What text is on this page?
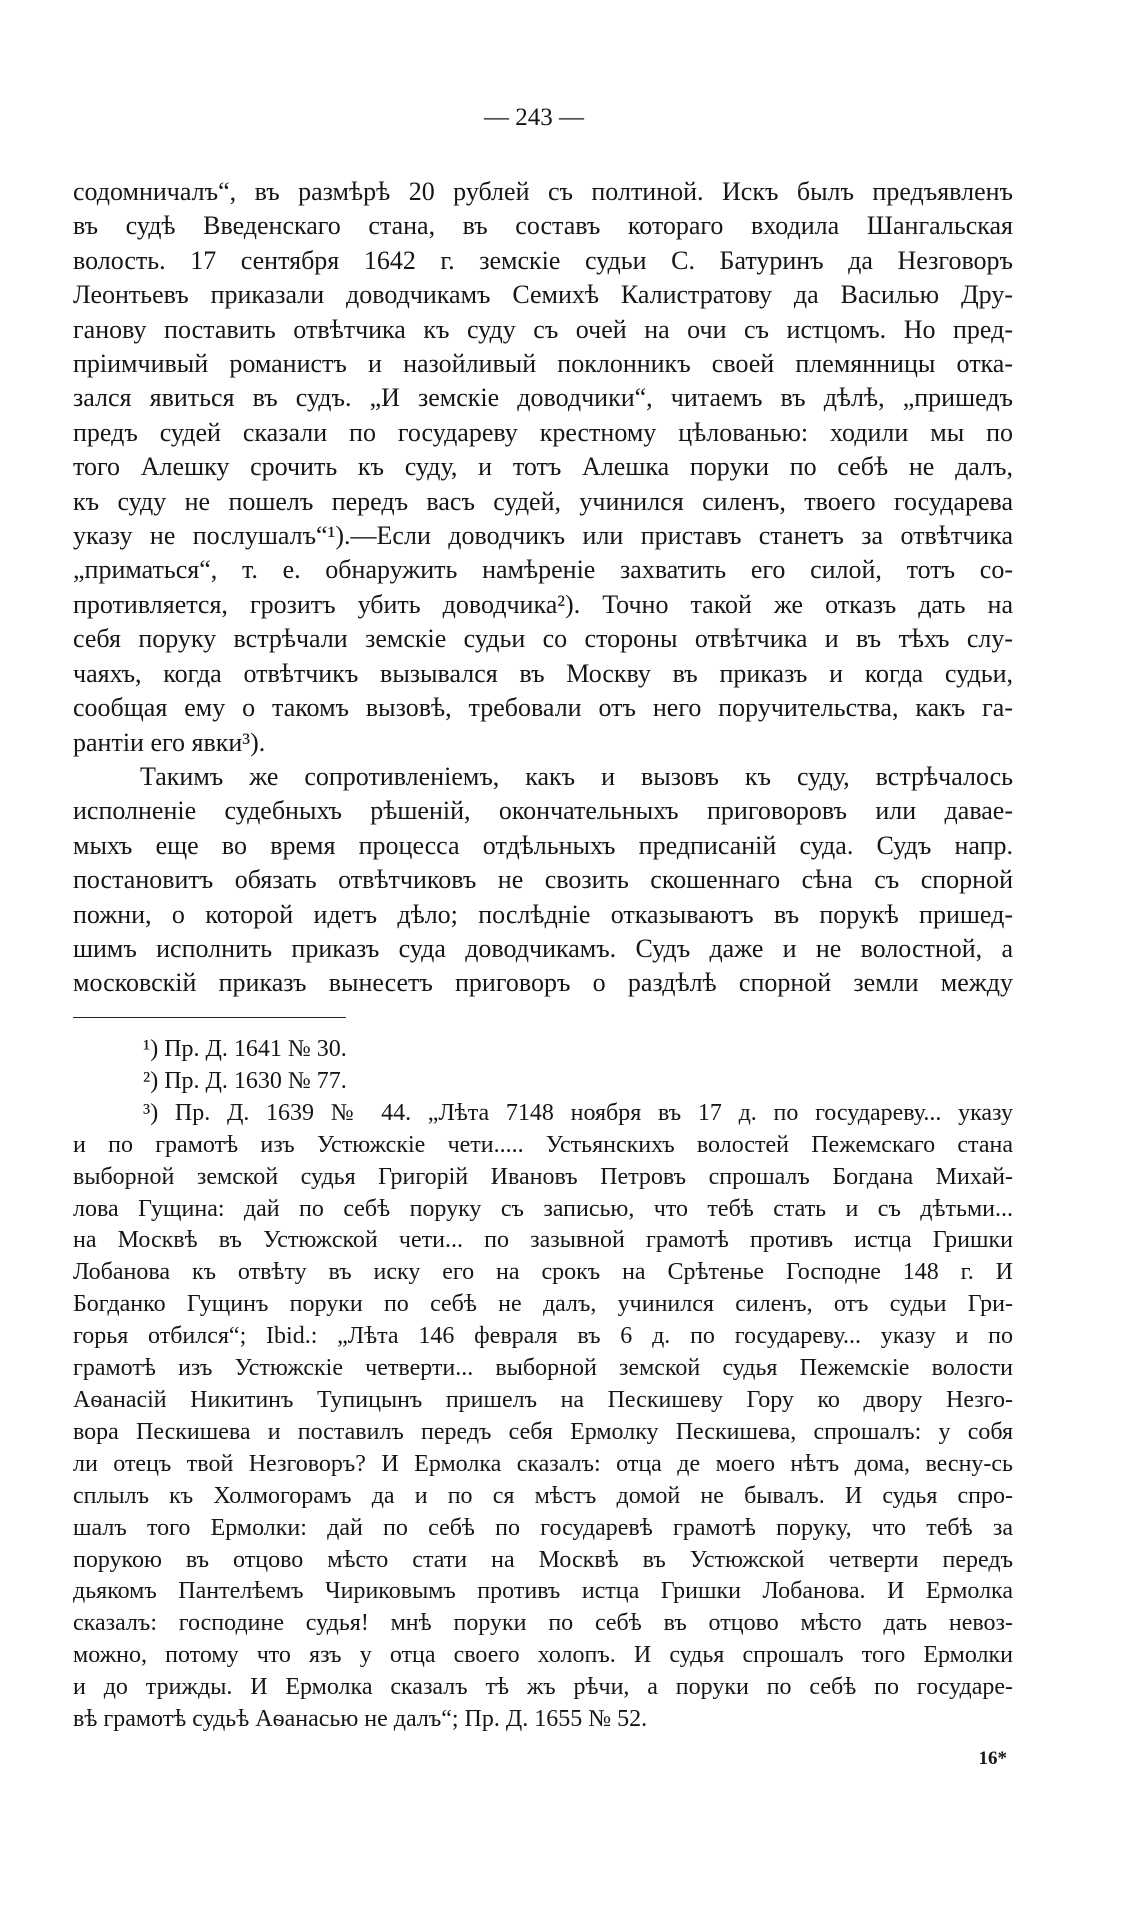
— 243 —
содомничалъ“, въ размѣрѣ 20 рублей съ полтиной. Искъ былъ предъявленъ
въ судѣ Введенскаго стана, въ составъ котораго входила Шангальская
волость. 17 сентября 1642 г. земскіе судьи С. Батуринъ да Незговоръ
Леонтьевъ приказали доводчикамъ Семихѣ Калистратову да Василью Дру-
ганову поставить отвѣтчика къ суду съ очей на очи съ истцомъ. Но пред-
пріимчивый романистъ и назойливый поклонникъ своей племянницы отка-
зался явиться въ судъ. „И земскіе доводчики“, читаемъ въ дѣлѣ, „пришедъ
предъ судей сказали по государеву крестному цѣлованью: ходили мы по
того Алешку срочить къ суду, и тотъ Алешка поруки по себѣ не далъ,
къ суду не пошелъ передъ васъ судей, учинился силенъ, твоего государева
указу не послушалъ“¹).—Если доводчикъ или приставъ станетъ за отвѣтчика
„приматься“, т. е. обнаружить намѣреніе захватить его силой, тотъ со-
противляется, грозитъ убить доводчика²). Точно такой же отказъ дать на
себя поруку встрѣчали земскіе судьи со стороны отвѣтчика и въ тѣхъ слу-
чаяхъ, когда отвѣтчикъ вызывался въ Москву въ приказъ и когда судьи,
сообщая ему о такомъ вызовѣ, требовали отъ него поручительства, какъ га-
рантіи его явки³).
Такимъ же сопротивленіемъ, какъ и вызовъ къ суду, встрѣчалось
исполненіе судебныхъ рѣшеній, окончательныхъ приговоровъ или давае-
мыхъ еще во время процесса отдѣльныхъ предписаній суда. Судъ напр.
постановитъ обязать отвѣтчиковъ не свозить скошеннаго сѣна съ спорной
пожни, о которой идетъ дѣло; послѣдніе отказываютъ въ порукѣ пришед-
шимъ исполнить приказъ суда доводчикамъ. Судъ даже и не волостной, а
московскій приказъ вынесетъ приговоръ о раздѣлѣ спорной земли между
¹) Пр. Д. 1641 № 30.
²) Пр. Д. 1630 № 77.
³) Пр. Д. 1639 № 44. „Лѣта 7148 ноября въ 17 д. по государеву... указу
и по грамотѣ изъ Устюжскіе чети..... Устьянскихъ волостей Пежемскаго стана
выборной земской судья Григорій Ивановъ Петровъ спрошалъ Богдана Михай-
лова Гущина: дай по себѣ поруку съ записью, что тебѣ стать и съ дѣтьми...
на Москвѣ въ Устюжской чети... по зазывной грамотѣ противъ истца Гришки
Лобанова къ отвѣту въ иску его на срокъ на Срѣтенье Господне 148 г. И
Богданко Гущинъ поруки по себѣ не далъ, учинился силенъ, отъ судьи Гри-
горья отбился“; Ibid.: „Лѣта 146 февраля въ 6 д. по государеву... указу и по
грамотѣ изъ Устюжскіе четверти... выборной земской судья Пежемскіе волости
Аѳанасій Никитинъ Тупицынъ пришелъ на Пескишеву Гору ко двору Незго-
вора Пескишева и поставилъ передъ себя Ермолку Пескишева, спрошалъ: у собя
ли отецъ твой Незговоръ? И Ермолка сказалъ: отца де моего нѣтъ дома, весну-сь
сплылъ къ Холмогорамъ да и по ся мѣстъ домой не бывалъ. И судья спро-
шалъ того Ермолки: дай по себѣ по государевѣ грамотѣ поруку, что тебѣ за
порукою въ отцово мѣсто стати на Москвѣ въ Устюжской четверти передъ
дьякомъ Пантелѣемъ Чириковымъ противъ истца Гришки Лобанова. И Ермолка
сказалъ: господине судья! мнѣ поруки по себѣ въ отцово мѣсто дать невоз-
можно, потому что язъ у отца своего холопъ. И судья спрошалъ того Ермолки
и до трижды. И Ермолка сказалъ тѣ жъ рѣчи, а поруки по себѣ по государе-
вѣ грамотѣ судьѣ Аѳанасью не далъ“; Пр. Д. 1655 № 52.
16*
